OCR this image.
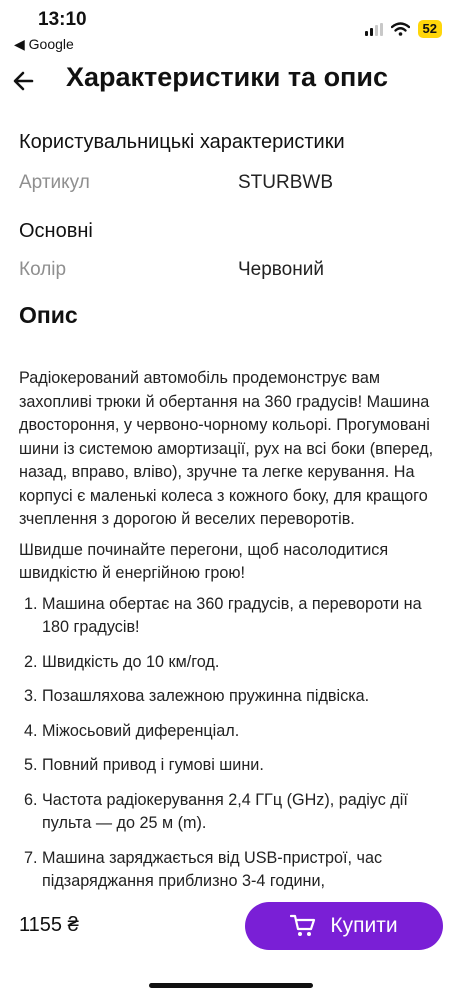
13:10
◀ Google
52
Характеристики та опис
Користувальницькі характеристики
Артикул	STURBWB
Основні
Колір	Червоний
Опис

Радіокерований автомобіль продемонструє вам захопливі трюки й обертання на 360 градусів! Машина двостороння, у червоно-чорному кольорі. Прогумовані шини із системою амортизації, рух на всі боки (вперед, назад, вправо, вліво), зручне та легке керування. На корпусі є маленькі колеса з кожного боку, для кращого зчеплення з дорогою й веселих переворотів.

Швидше починайте перегони, щоб насолодитися швидкістю й енергійною грою!

1. Машина обертає на 360 градусів, а перевороти на 180 градусів!
2. Швидкість до 10 км/год.
3. Позашляхова залежною пружинна підвіска.
4. Міжосьовий диференціал.
5. Повний привод і гумові шини.
6. Частота радіокерування 2,4 ГГц (GHz), радіус дії пульта — до 25 м (m).
7. Машина заряджається від USB-пристрої, час підзаряджання приблизно 3-4 години,
1155 ₴	Купити
